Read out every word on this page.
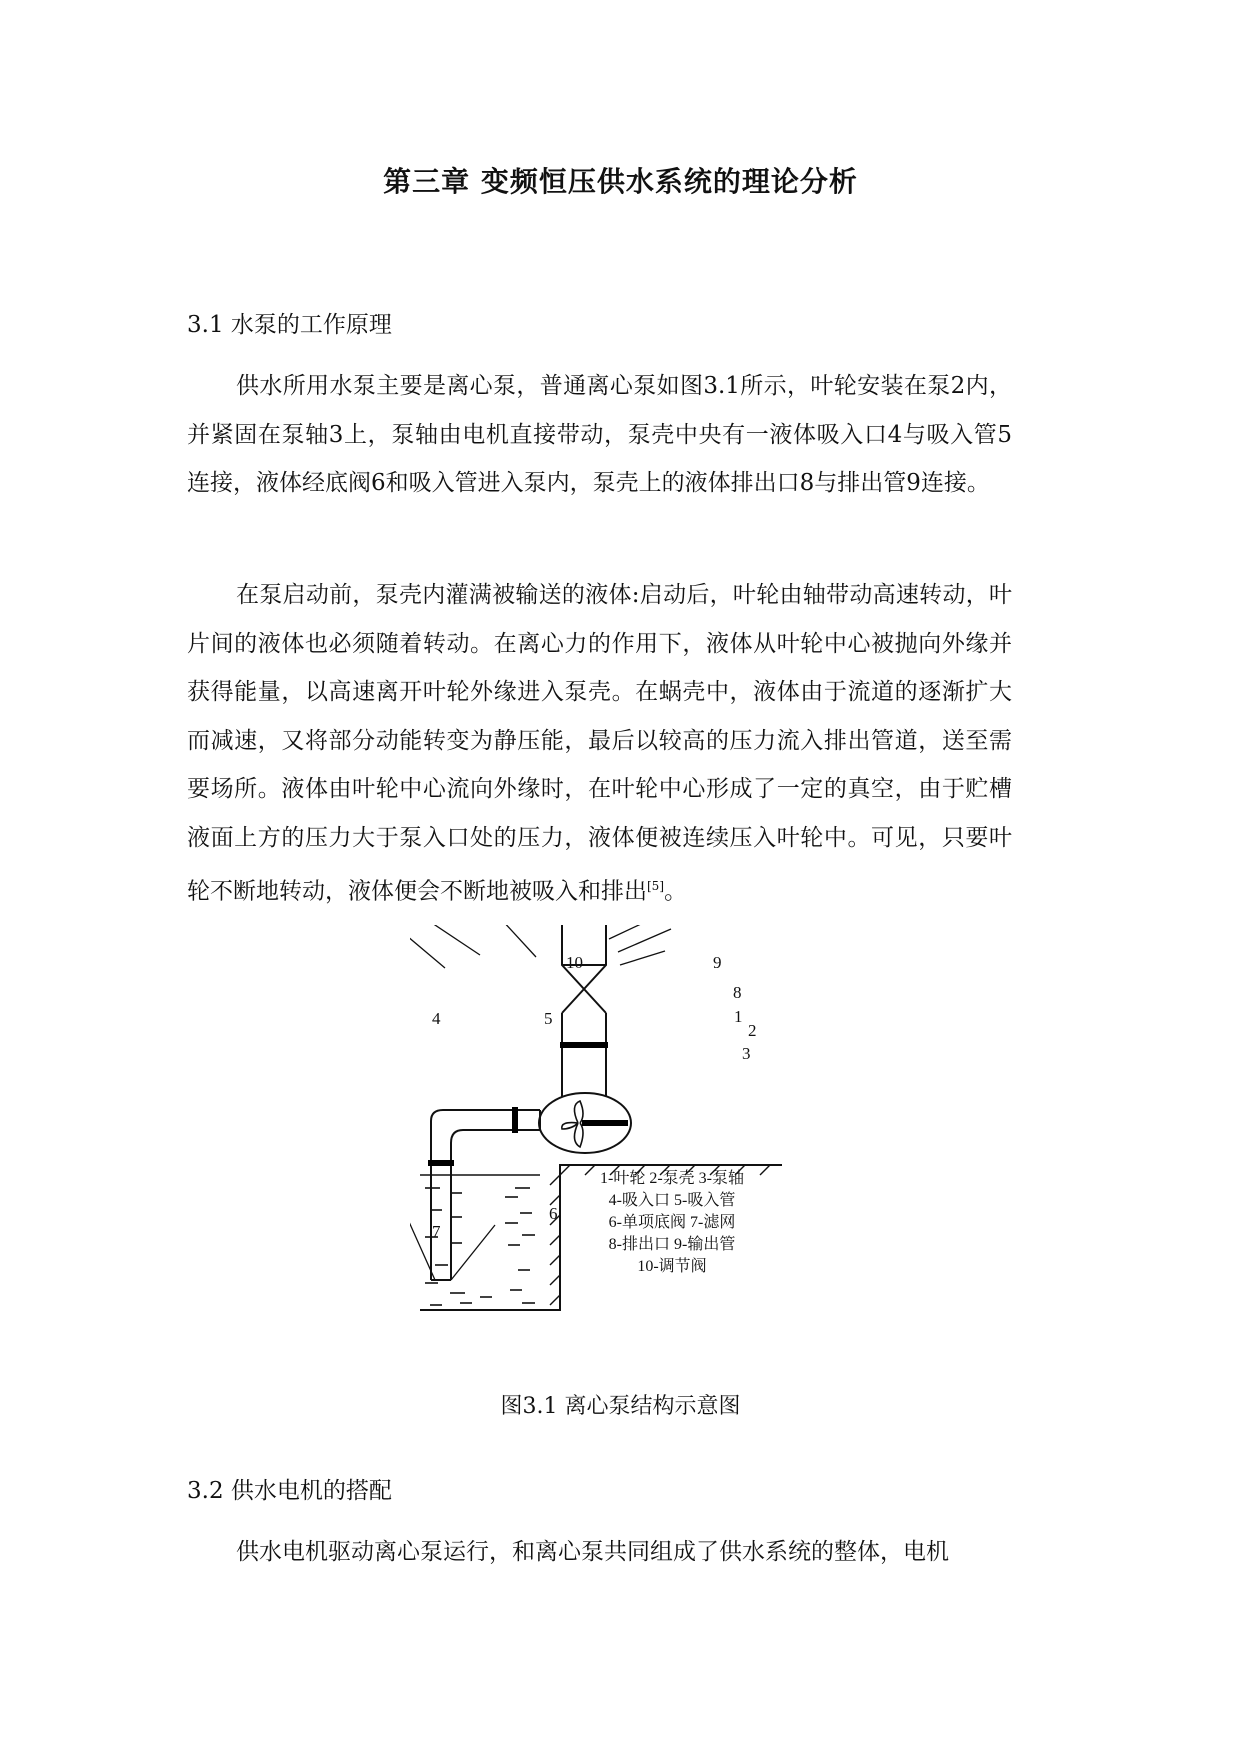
第三章 变频恒压供水系统的理论分析
3.1 水泵的工作原理

供水所用水泵主要是离心泵，普通离心泵如图3.1所示，叶轮安装在泵2内，并紧固在泵轴3上，泵轴由电机直接带动，泵壳中央有一液体吸入口4与吸入管5连接，液体经底阀6和吸入管进入泵内，泵壳上的液体排出口8与排出管9连接。

在泵启动前，泵壳内灌满被输送的液体:启动后，叶轮由轴带动高速转动，叶片间的液体也必须随着转动。在离心力的作用下，液体从叶轮中心被抛向外缘并获得能量，以高速离开叶轮外缘进入泵壳。在蜗壳中，液体由于流道的逐渐扩大而减速，又将部分动能转变为静压能，最后以较高的压力流入排出管道，送至需要场所。液体由叶轮中心流向外缘时，在叶轮中心形成了一定的真空，由于贮槽液面上方的压力大于泵入口处的压力，液体便被连续压入叶轮中。可见，只要叶轮不断地转动，液体便会不断地被吸入和排出[5]。

10	9
8
1
2
3
4	5
6
7
1-叶轮 2-泵壳 3-泵轴
4-吸入口 5-吸入管
6-单项底阀 7-滤网
8-排出口 9-输出管
10-调节阀
图3.1 离心泵结构示意图
3.2 供水电机的搭配

供水电机驱动离心泵运行，和离心泵共同组成了供水系统的整体，电机
